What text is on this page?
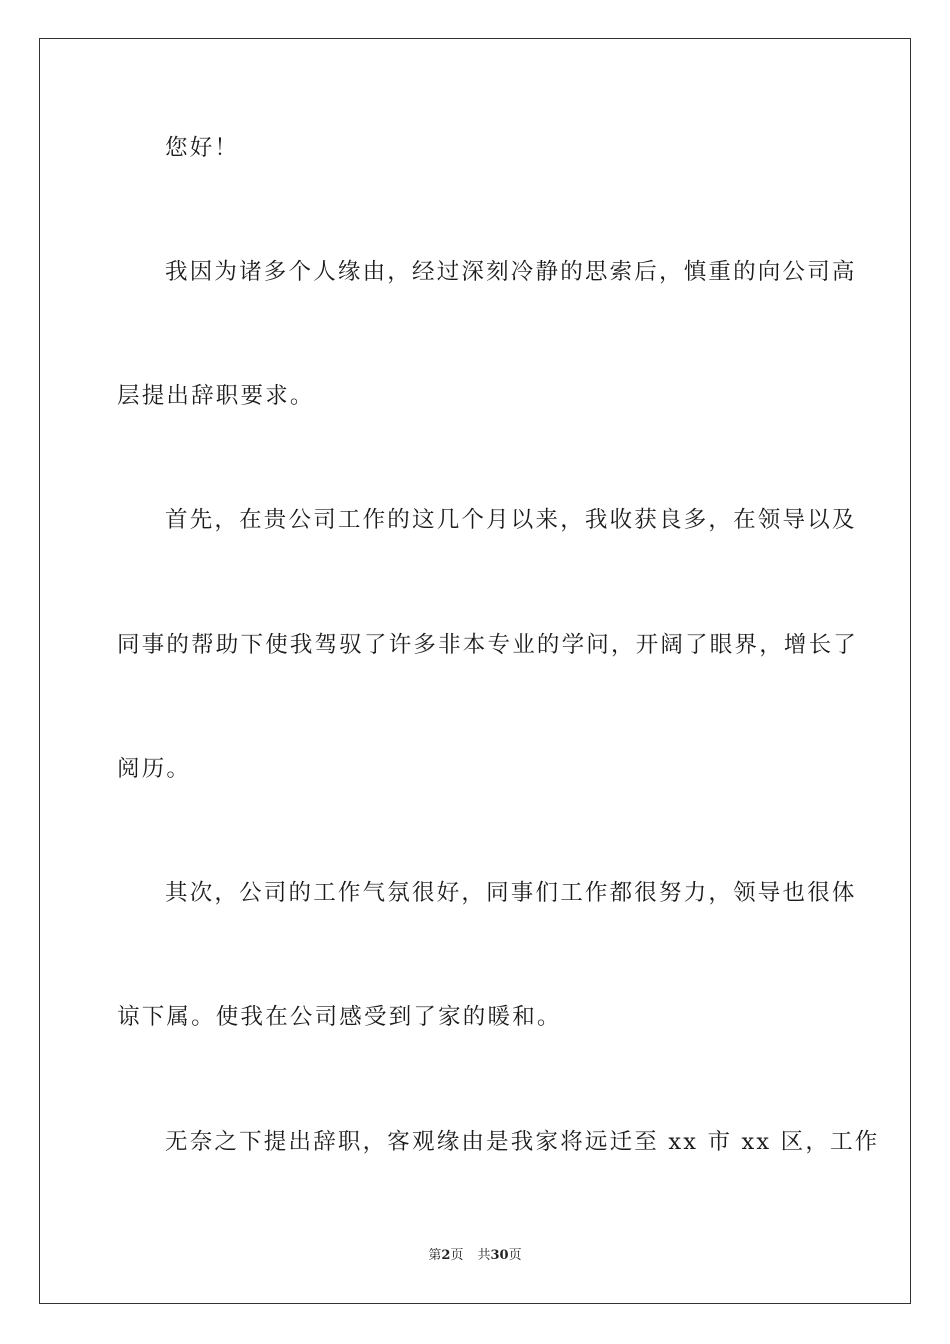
您好！
我因为诸多个人缘由，经过深刻冷静的思索后，慎重的向公司高
层提出辞职要求。
首先，在贵公司工作的这几个月以来，我收获良多，在领导以及
同事的帮助下使我驾驭了许多非本专业的学问，开阔了眼界，增长了
阅历。
其次，公司的工作气氛很好，同事们工作都很努力，领导也很体
谅下属。使我在公司感受到了家的暖和。
无奈之下提出辞职，客观缘由是我家将远迁至 xx 市 xx 区，工作
第2页 共30页
